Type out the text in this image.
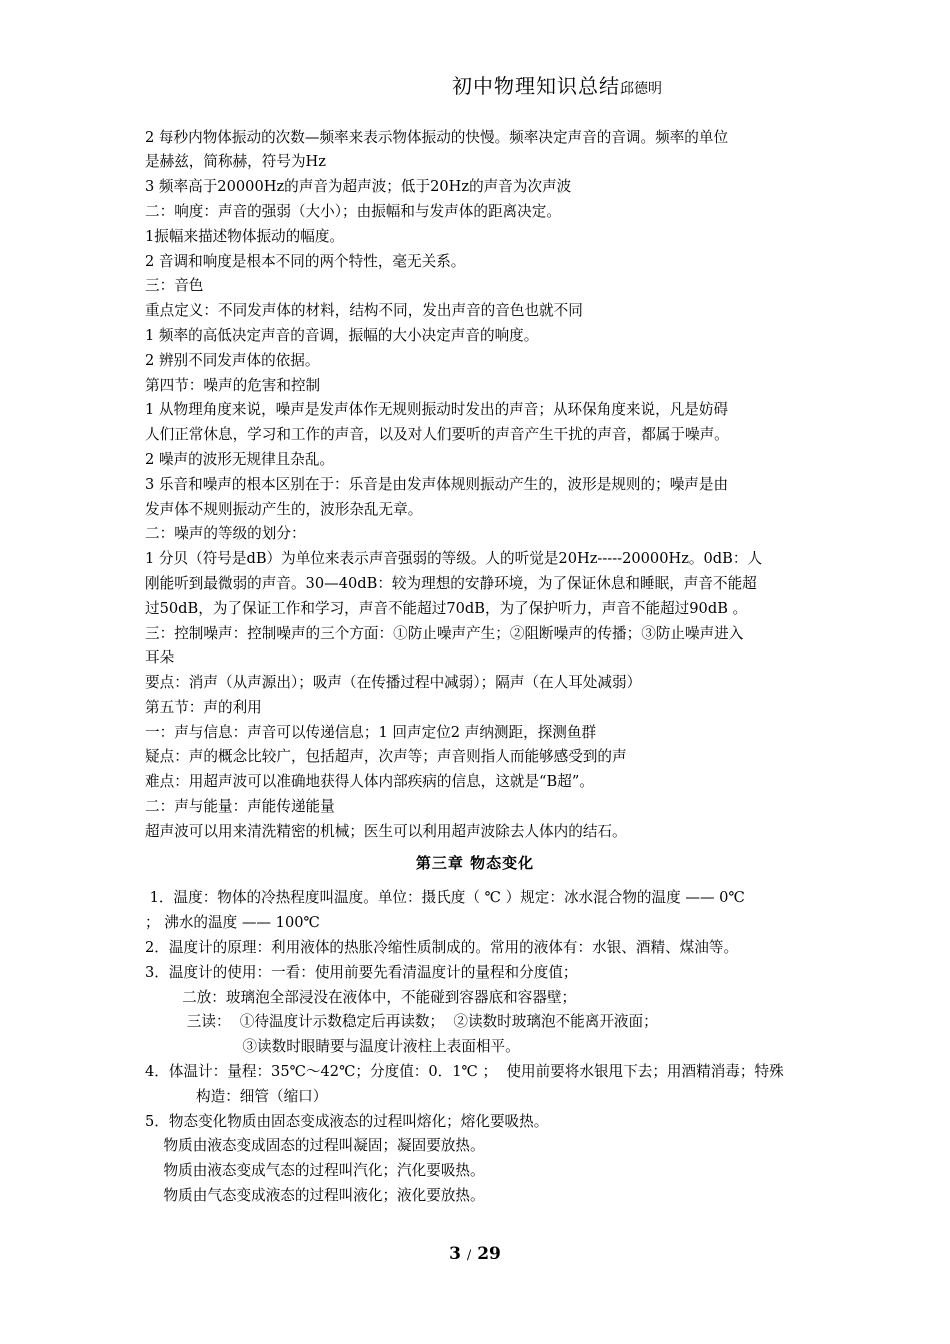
初中物理知识总结邱德明
2 每秒内物体振动的次数—频率来表示物体振动的快慢。频率决定声音的音调。频率的单位
是赫兹，简称赫，符号为Hz
3 频率高于20000Hz的声音为超声波；低于20Hz的声音为次声波
二：响度：声音的强弱（大小）；由振幅和与发声体的距离决定。
1振幅来描述物体振动的幅度。
2 音调和响度是根本不同的两个特性，毫无关系。
三：音色
重点定义：不同发声体的材料，结构不同，发出声音的音色也就不同
1 频率的高低决定声音的音调，振幅的大小决定声音的响度。
2 辨别不同发声体的依据。
第四节：噪声的危害和控制
1 从物理角度来说，噪声是发声体作无规则振动时发出的声音；从环保角度来说，凡是妨碍
人们正常休息，学习和工作的声音，以及对人们要听的声音产生干扰的声音，都属于噪声。
2 噪声的波形无规律且杂乱。
3 乐音和噪声的根本区别在于：乐音是由发声体规则振动产生的，波形是规则的；噪声是由
发声体不规则振动产生的，波形杂乱无章。
二：噪声的等级的划分：
1 分贝（符号是dB）为单位来表示声音强弱的等级。人的听觉是20Hz-----20000Hz。0dB：人
刚能听到最微弱的声音。30—40dB：较为理想的安静环境，为了保证休息和睡眠，声音不能超
过50dB，为了保证工作和学习，声音不能超过70dB，为了保护听力，声音不能超过90dB 。
三：控制噪声：控制噪声的三个方面：①防止噪声产生；②阻断噪声的传播；③防止噪声进入
耳朵
要点：消声（从声源出）；吸声（在传播过程中减弱）；隔声（在人耳处减弱）
第五节：声的利用
一：声与信息：声音可以传递信息；1 回声定位2 声纳测距，探测鱼群
疑点：声的概念比较广，包括超声，次声等；声音则指人而能够感受到的声
难点：用超声波可以准确地获得人体内部疾病的信息，这就是“B超”。
二：声与能量：声能传递能量
超声波可以用来清洗精密的机械；医生可以利用超声波除去人体内的结石。
第三章 物态变化
1．温度：物体的冷热程度叫温度。单位：摄氏度（ ℃ ）规定：冰水混合物的温度 —— 0℃
； 沸水的温度 —— 100℃
2．温度计的原理：利用液体的热胀冷缩性质制成的。常用的液体有：水银、酒精、煤油等。
3．温度计的使用：一看：使用前要先看清温度计的量程和分度值；
二放：玻璃泡全部浸没在液体中，不能碰到容器底和容器壁；
三读：  ①待温度计示数稳定后再读数；  ②读数时玻璃泡不能离开液面；
③读数时眼睛要与温度计液柱上表面相平。
4．体温计：量程：35℃～42℃；分度值：0．1℃ ；  使用前要将水银甩下去；用酒精消毒；特殊
构造：细管（缩口）
5．物态变化物质由固态变成液态的过程叫熔化；熔化要吸热。
物质由液态变成固态的过程叫凝固；凝固要放热。
物质由液态变成气态的过程叫汽化；汽化要吸热。
物质由气态变成液态的过程叫液化；液化要放热。
3 / 29
